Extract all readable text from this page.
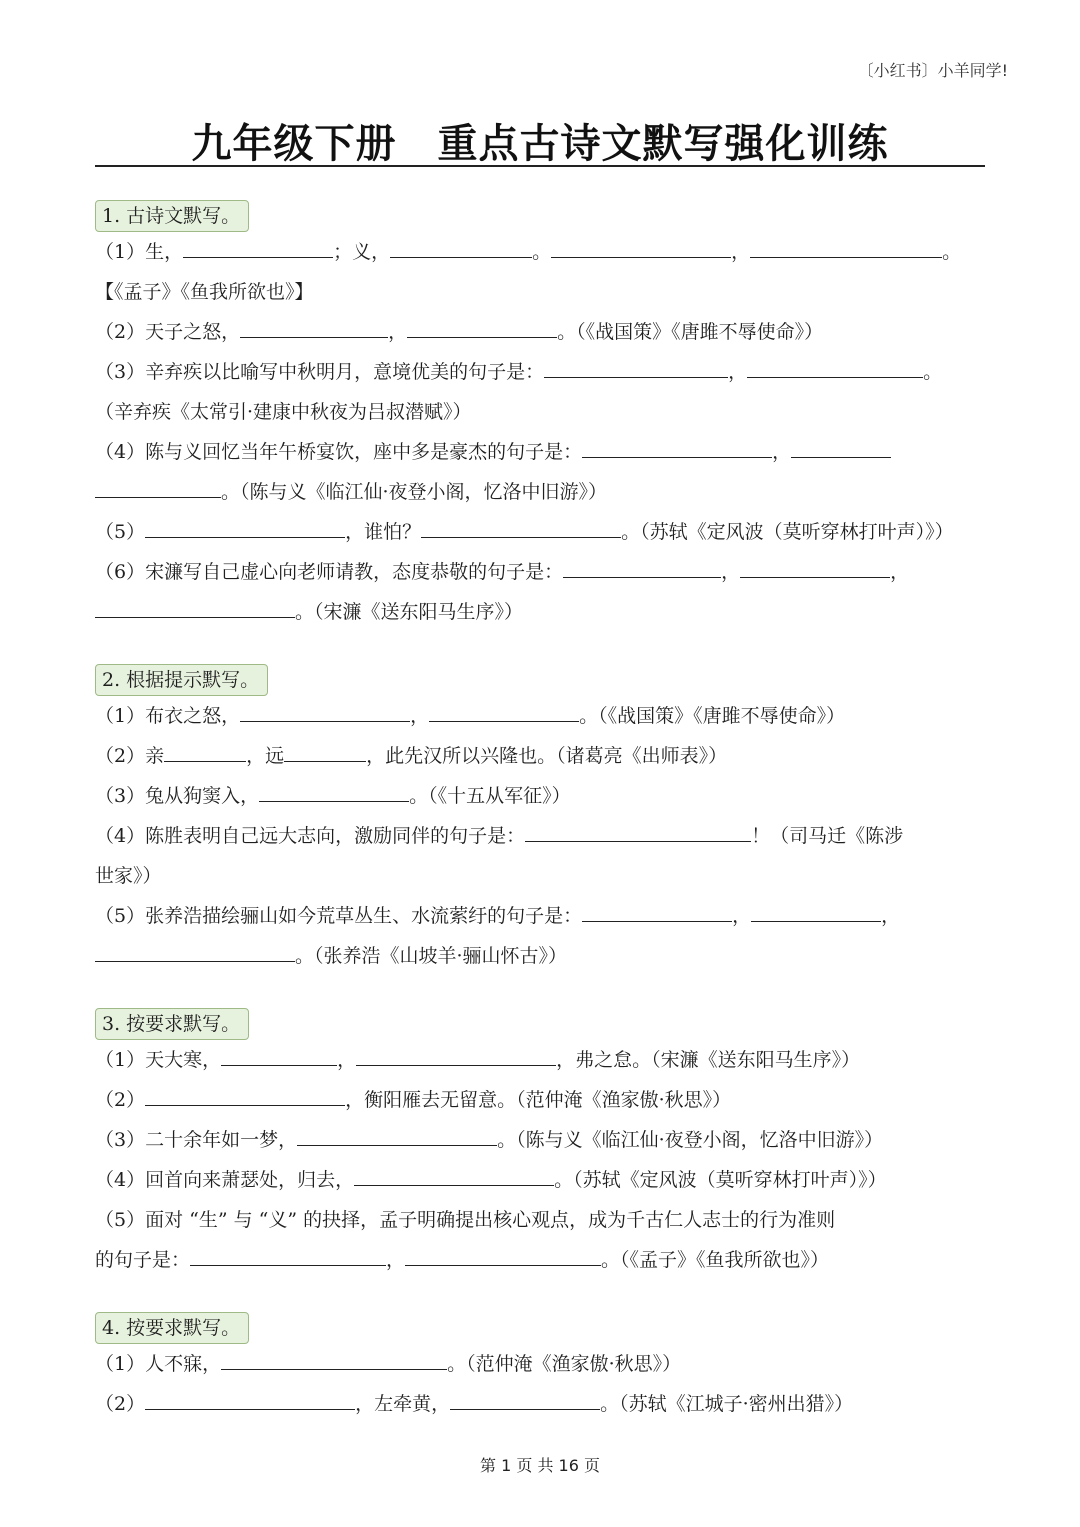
〔小红书〕小羊同学!
九年级下册　重点古诗文默写强化训练
1. 古诗文默写。
（1）生，	；义，	。	，	。
【《孟子》《鱼我所欲也》】
（2）天子之怒，	，	。（《战国策》《唐雎不辱使命》）
（3）辛弃疾以比喻写中秋明月，意境优美的句子是：	，	。
（辛弃疾《太常引·建康中秋夜为吕叔潜赋》）
（4）陈与义回忆当年午桥宴饮，座中多是豪杰的句子是：	，
。（陈与义《临江仙·夜登小阁，忆洛中旧游》）
（5）	，谁怕？	。（苏轼《定风波（莫听穿林打叶声）》）
（6）宋濂写自己虚心向老师请教，态度恭敬的句子是：	，	，
。（宋濂《送东阳马生序》）
2. 根据提示默写。
（1）布衣之怒，	，	。（《战国策》《唐雎不辱使命》）
（2）亲	，远	，此先汉所以兴隆也。（诸葛亮《出师表》）
（3）兔从狗窦入，	。（《十五从军征》）
（4）陈胜表明自己远大志向，激励同伴的句子是：	！（司马迁《陈涉
世家》）
（5）张养浩描绘骊山如今荒草丛生、水流萦纡的句子是：	，	，
。（张养浩《山坡羊·骊山怀古》）
3. 按要求默写。
（1）天大寒，	，	，弗之怠。（宋濂《送东阳马生序》）
（2）	，衡阳雁去无留意。（范仲淹《渔家傲·秋思》）
（3）二十余年如一梦，	。（陈与义《临江仙·夜登小阁，忆洛中旧游》）
（4）回首向来萧瑟处，归去，	。（苏轼《定风波（莫听穿林打叶声）》）
（5）面对 “生” 与 “义” 的抉择，孟子明确提出核心观点，成为千古仁人志士的行为准则
的句子是：	，	。（《孟子》《鱼我所欲也》）
4. 按要求默写。
（1）人不寐，	。（范仲淹《渔家傲·秋思》）
（2）	，左牵黄，	。（苏轼《江城子·密州出猎》）
第 1 页 共 16 页
